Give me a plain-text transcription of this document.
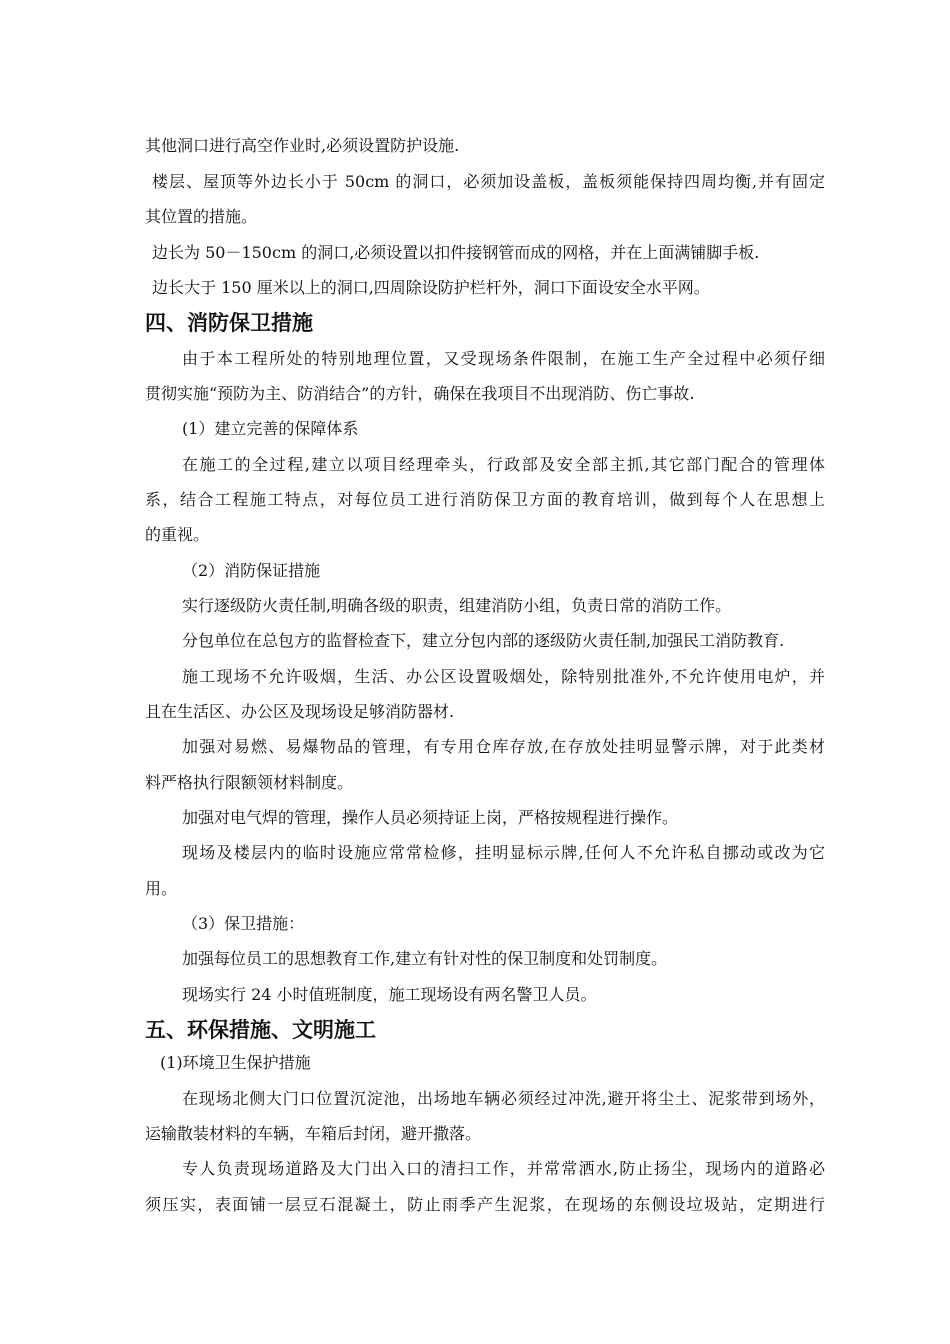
其他洞口进行高空作业时,必须设置防护设施.
楼层、屋顶等外边长小于 50cm 的洞口，必须加设盖板，盖板须能保持四周均衡,并有固定
其位置的措施。
边长为 50－150cm 的洞口,必须设置以扣件接钢管而成的网格，并在上面满铺脚手板.
边长大于 150 厘米以上的洞口,四周除设防护栏杆外，洞口下面设安全水平网。
四、消防保卫措施
由于本工程所处的特别地理位置，又受现场条件限制，在施工生产全过程中必须仔细
贯彻实施“预防为主、防消结合”的方针，确保在我项目不出现消防、伤亡事故.
(1）建立完善的保障体系
在施工的全过程,建立以项目经理牵头，行政部及安全部主抓,其它部门配合的管理体
系，结合工程施工特点，对每位员工进行消防保卫方面的教育培训，做到每个人在思想上
的重视。
（2）消防保证措施
实行逐级防火责任制,明确各级的职责，组建消防小组，负责日常的消防工作。
分包单位在总包方的监督检查下，建立分包内部的逐级防火责任制,加强民工消防教育.
施工现场不允许吸烟，生活、办公区设置吸烟处，除特别批准外,不允许使用电炉，并
且在生活区、办公区及现场设足够消防器材.
加强对易燃、易爆物品的管理，有专用仓库存放,在存放处挂明显警示牌，对于此类材
料严格执行限额领材料制度。
加强对电气焊的管理，操作人员必须持证上岗，严格按规程进行操作。
现场及楼层内的临时设施应常常检修，挂明显标示牌,任何人不允许私自挪动或改为它
用。
（3）保卫措施：
加强每位员工的思想教育工作,建立有针对性的保卫制度和处罚制度。
现场实行 24 小时值班制度，施工现场设有两名警卫人员。
五、环保措施、文明施工
(1)环境卫生保护措施
在现场北侧大门口位置沉淀池，出场地车辆必须经过冲洗,避开将尘土、泥浆带到场外，
运输散装材料的车辆，车箱后封闭，避开撒落。
专人负责现场道路及大门出入口的清扫工作，并常常洒水,防止扬尘，现场内的道路必
须压实，表面铺一层豆石混凝土，防止雨季产生泥浆，在现场的东侧设垃圾站，定期进行
